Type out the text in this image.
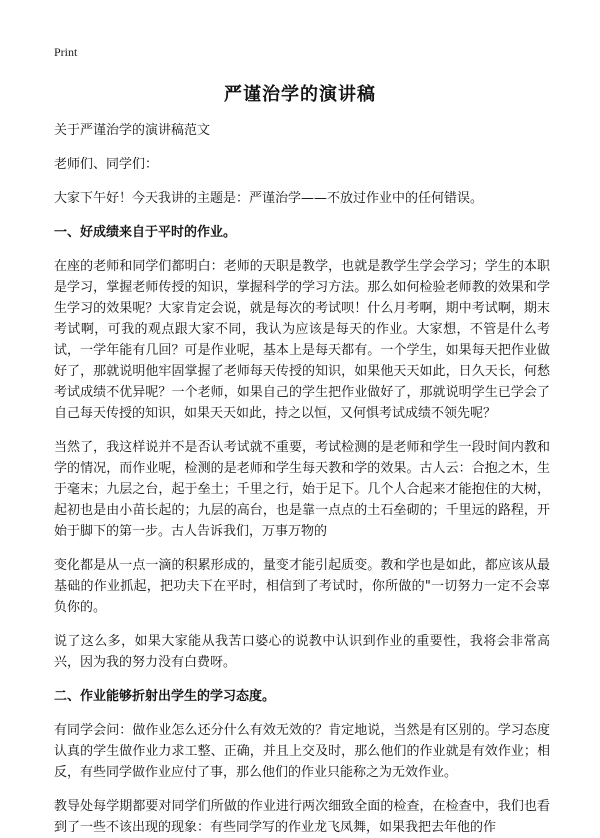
Print
严谨治学的演讲稿

关于严谨治学的演讲稿范文

老师们、同学们：

大家下午好！今天我讲的主题是：严谨治学——不放过作业中的任何错误。

一、好成绩来自于平时的作业。

在座的老师和同学们都明白：老师的天职是教学，也就是教学生学会学习；学生的本职是学习，掌握老师传授的知识，掌握科学的学习方法。那么如何检验老师教的效果和学生学习的效果呢？大家肯定会说，就是每次的考试呗！什么月考啊，期中考试啊，期末考试啊，可我的观点跟大家不同，我认为应该是每天的作业。大家想，不管是什么考试，一学年能有几回？可是作业呢，基本上是每天都有。一个学生，如果每天把作业做好了，那就说明他牢固掌握了老师每天传授的知识，如果他天天如此，日久天长，何愁考试成绩不优异呢？一个老师，如果自己的学生把作业做好了，那就说明学生已学会了自己每天传授的知识，如果天天如此，持之以恒，又何惧考试成绩不领先呢？

当然了，我这样说并不是否认考试就不重要，考试检测的是老师和学生一段时间内教和学的情况，而作业呢，检测的是老师和学生每天教和学的效果。古人云：合抱之木，生于毫末；九层之台，起于垒土；千里之行，始于足下。几个人合起来才能抱住的大树，起初也是由小苗长起的；九层的高台，也是靠一点点的土石垒砌的；千里远的路程，开始于脚下的第一步。古人告诉我们，万事万物的

变化都是从一点一滴的积累形成的，量变才能引起质变。教和学也是如此，都应该从最基础的作业抓起，把功夫下在平时，相信到了考试时，你所做的"一切努力一定不会辜负你的。

说了这么多，如果大家能从我苦口婆心的说教中认识到作业的重要性，我将会非常高兴，因为我的努力没有白费呀。

二、作业能够折射出学生的学习态度。

有同学会问：做作业怎么还分什么有效无效的？肯定地说，当然是有区别的。学习态度认真的学生做作业力求工整、正确，并且上交及时，那么他们的作业就是有效作业；相反，有些同学做作业应付了事，那么他们的作业只能称之为无效作业。

教导处每学期都要对同学们所做的作业进行两次细致全面的检查，在检查中，我们也看到了一些不该出现的现象：有些同学写的作业龙飞凤舞，如果我把去年他的作
